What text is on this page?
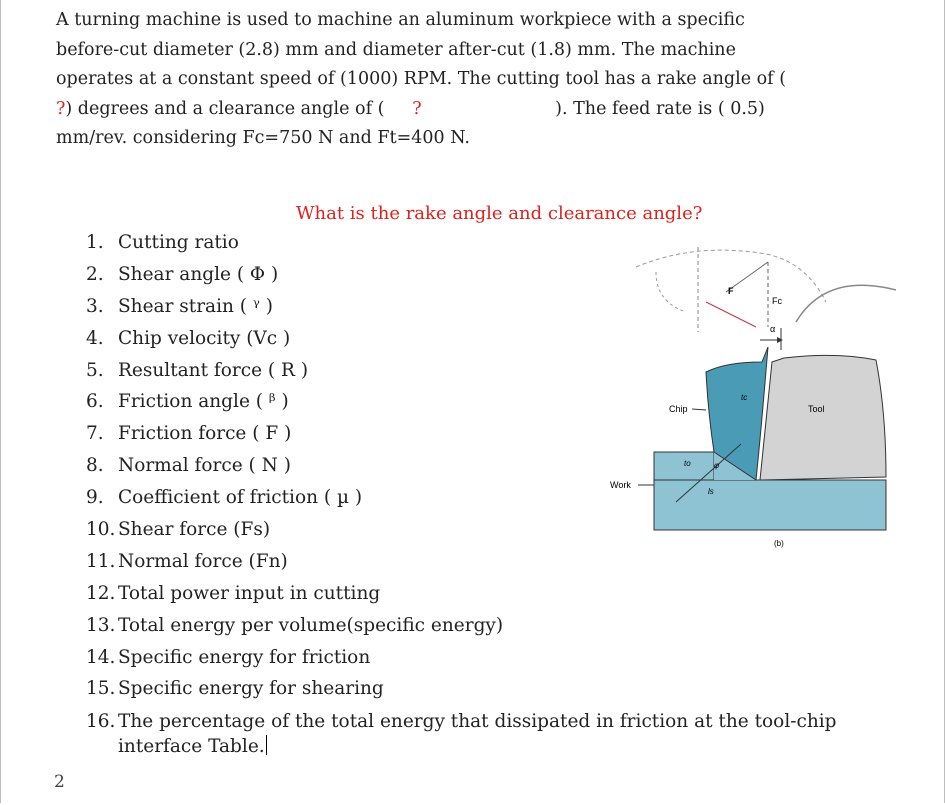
A turning machine is used to machine an aluminum workpiece with a specific before-cut diameter (2.8) mm and diameter after-cut (1.8) mm. The machine operates at a constant speed of (1000) RPM. The cutting tool has a rake angle of (
?) degrees and a clearance angle of ( ?	). The feed rate is ( 0.5) mm/rev. considering Fc=750 N and Ft=400 N.
What is the rake angle and clearance angle?
1. Cutting ratio
2. Shear angle ( Φ )
3. Shear strain ( ᵞ )
4. Chip velocity (Vc )
5. Resultant force ( R )
6. Friction angle ( ᵝ )
7. Friction force ( F )
8. Normal force ( N )
9. Coefficient of friction ( µ )
10. Shear force (Fs)
11. Normal force (Fn)
12. Total power input in cutting
13. Total energy per volume(specific energy)
14. Specific energy for friction
15. Specific energy for shearing
16. The percentage of the total energy that dissipated in friction at the tool-chip interface Table.
F
Fc
α
tc
to	φ
ls
Chip
Work
Tool
(b)
2
